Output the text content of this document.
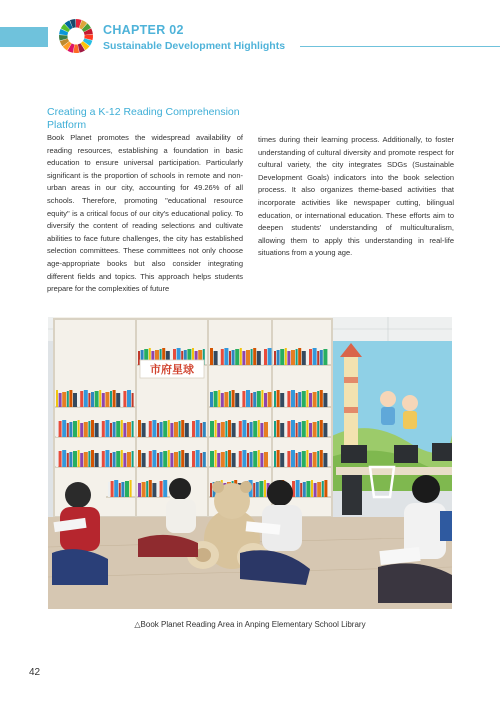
CHAPTER 02
Sustainable Development Highlights
Creating a K-12 Reading Comprehension Platform
Book Planet promotes the widespread availability of reading resources, establishing a foundation in basic education to ensure universal participation. Particularly significant is the proportion of schools in remote and non-urban areas in our city, accounting for 49.26% of all schools. Therefore, promoting "educational resource equity" is a critical focus of our city's educational policy. To diversify the content of reading selections and cultivate abilities to face future challenges, the city has established selection committees. These committees not only choose age-appropriate books but also consider integrating different fields and topics. This approach helps students prepare for the complexities of future
times during their learning process. Additionally, to foster understanding of cultural diversity and promote respect for cultural variety, the city integrates SDGs (Sustainable Development Goals) indicators into the book selection process. It also organizes theme-based activities that incorporate activities like newspaper cutting, bilingual education, or international education. These efforts aim to deepen students' understanding of multiculturalism, allowing them to apply this understanding in real-life situations from a young age.
市府星球
△Book Planet Reading Area in Anping Elementary School Library
42
